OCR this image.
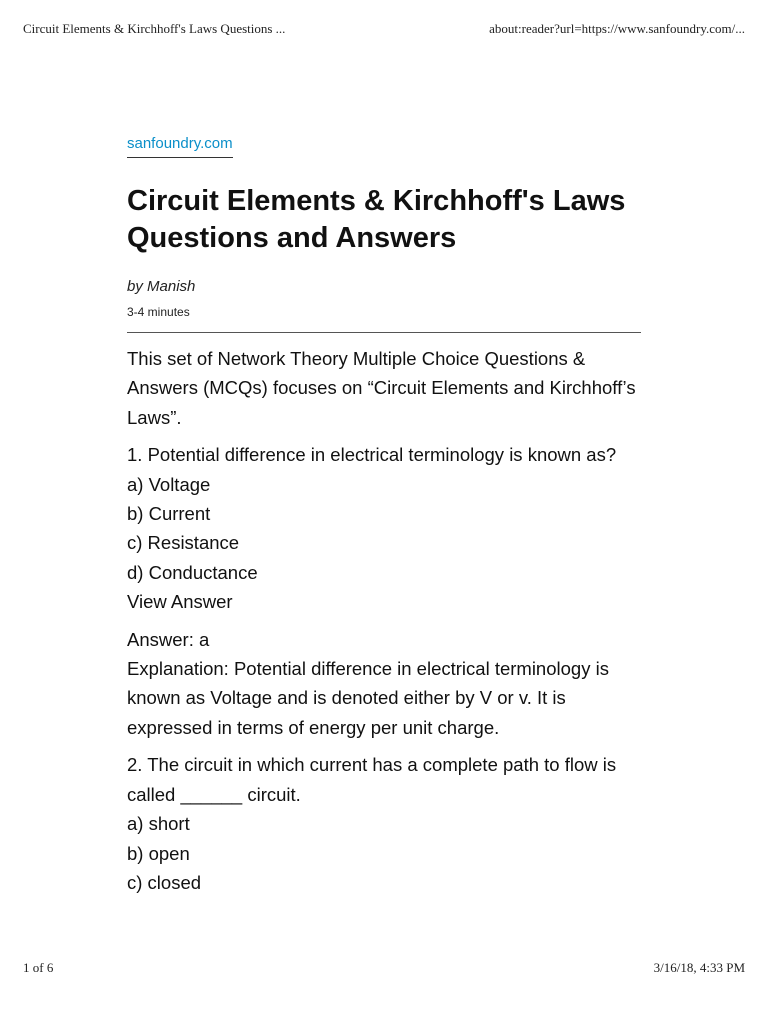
Circuit Elements & Kirchhoff's Laws Questions ...	about:reader?url=https://www.sanfoundry.com/...
sanfoundry.com
Circuit Elements & Kirchhoff's Laws Questions and Answers
by Manish
3-4 minutes

This set of Network Theory Multiple Choice Questions & Answers (MCQs) focuses on “Circuit Elements and Kirchhoff’s Laws”.

1. Potential difference in electrical terminology is known as?
a) Voltage
b) Current
c) Resistance
d) Conductance
View Answer

Answer: a
Explanation: Potential difference in electrical terminology is known as Voltage and is denoted either by V or v. It is expressed in terms of energy per unit charge.

2. The circuit in which current has a complete path to flow is called ______ circuit.
a) short
b) open
c) closed

1 of 6	3/16/18, 4:33 PM
